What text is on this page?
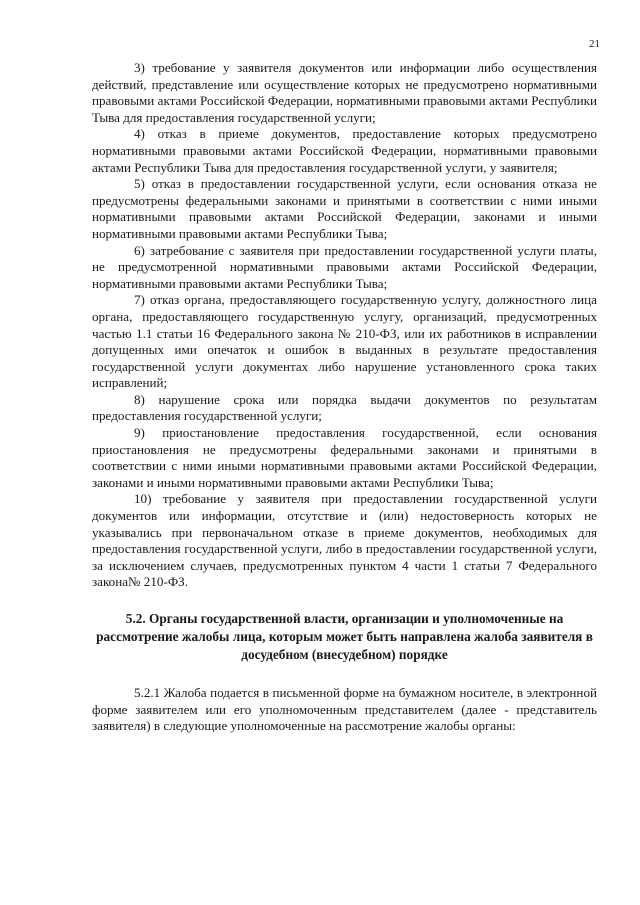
21

3) требование у заявителя документов или информации либо осуществления действий, представление или осуществление которых не предусмотрено нормативными правовыми актами Российской Федерации, нормативными правовыми актами Республики Тыва для предоставления государственной услуги;

4) отказ в приеме документов, предоставление которых предусмотрено нормативными правовыми актами Российской Федерации, нормативными правовыми актами Республики Тыва для предоставления государственной услуги, у заявителя;

5) отказ в предоставлении государственной услуги, если основания отказа не предусмотрены федеральными законами и принятыми в соответствии с ними иными нормативными правовыми актами Российской Федерации, законами и иными нормативными правовыми актами Республики Тыва;

6) затребование с заявителя при предоставлении государственной услуги платы, не предусмотренной нормативными правовыми актами Российской Федерации, нормативными правовыми актами Республики Тыва;

7) отказ органа, предоставляющего государственную услугу, должностного лица органа, предоставляющего государственную услугу, организаций, предусмотренных частью 1.1 статьи 16 Федерального закона № 210-ФЗ, или их работников в исправлении допущенных ими опечаток и ошибок в выданных в результате предоставления государственной услуги документах либо нарушение установленного срока таких исправлений;

8) нарушение срока или порядка выдачи документов по результатам предоставления государственной услуги;

9) приостановление предоставления государственной, если основания приостановления не предусмотрены федеральными законами и принятыми в соответствии с ними иными нормативными правовыми актами Российской Федерации, законами и иными нормативными правовыми актами Республики Тыва;

10) требование у заявителя при предоставлении государственной услуги документов или информации, отсутствие и (или) недостоверность которых не указывались при первоначальном отказе в приеме документов, необходимых для предоставления государственной услуги, либо в предоставлении государственной услуги, за исключением случаев, предусмотренных пунктом 4 части 1 статьи 7 Федерального закона№ 210-ФЗ.

5.2. Органы государственной власти, организации и уполномоченные на рассмотрение жалобы лица, которым может быть направлена жалоба заявителя в досудебном (внесудебном) порядке

5.2.1 Жалоба подается в письменной форме на бумажном носителе, в электронной форме заявителем или его уполномоченным представителем (далее - представитель заявителя) в следующие уполномоченные на рассмотрение жалобы органы:
